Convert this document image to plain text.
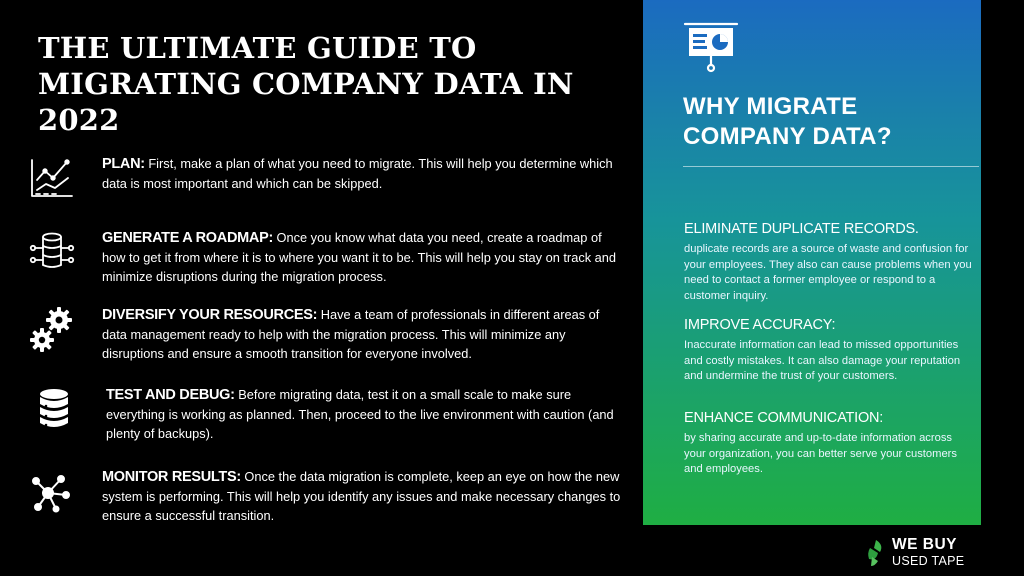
THE ULTIMATE GUIDE TO
MIGRATING COMPANY DATA IN 2022
PLAN: First, make a plan of what you need to migrate. This will help you determine which data is most important and which can be skipped.
GENERATE A ROADMAP: Once you know what data you need, create a roadmap of how to get it from where it is to where you want it to be. This will help you stay on track and minimize disruptions during the migration process.
DIVERSIFY YOUR RESOURCES: Have a team of professionals in different areas of data management ready to help with the migration process. This will minimize any disruptions and ensure a smooth transition for everyone involved.
TEST AND DEBUG: Before migrating data, test it on a small scale to make sure everything is working as planned. Then, proceed to the live environment with caution (and plenty of backups).
MONITOR RESULTS: Once the data migration is complete, keep an eye on how the new system is performing. This will help you identify any issues and make necessary changes to ensure a successful transition.
WHY MIGRATE
COMPANY DATA?
ELIMINATE DUPLICATE RECORDS.
duplicate records are a source of waste and confusion for your employees. They also can cause problems when you need to contact a former employee or respond to a customer inquiry.
IMPROVE ACCURACY:
Inaccurate information can lead to missed opportunities and costly mistakes. It can also damage your reputation and undermine the trust of your customers.
ENHANCE COMMUNICATION:
by sharing accurate and up-to-date information across your organization, you can better serve your customers and employees.
WE BUY
USED TAPE
